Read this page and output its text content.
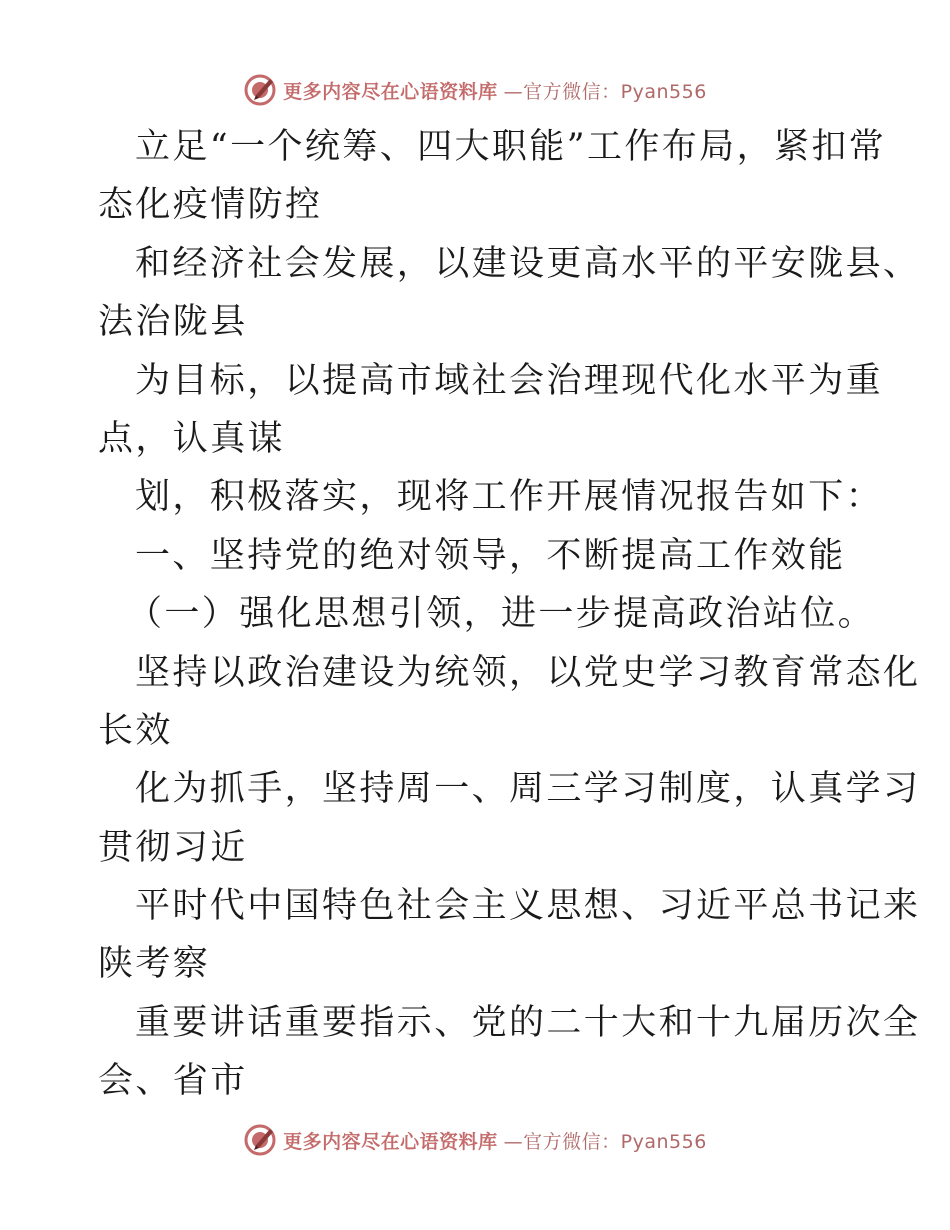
更多内容尽在心语资料库 —官方微信：Pyan556
立足“一个统筹、四大职能”工作布局，紧扣常
态化疫情防控
和经济社会发展，以建设更高水平的平安陇县、
法治陇县
为目标，以提高市域社会治理现代化水平为重
点，认真谋
划，积极落实，现将工作开展情况报告如下：
一、坚持党的绝对领导，不断提高工作效能
（一）强化思想引领，进一步提高政治站位。
坚持以政治建设为统领，以党史学习教育常态化
长效
化为抓手，坚持周一、周三学习制度，认真学习
贯彻习近
平时代中国特色社会主义思想、习近平总书记来
陕考察
重要讲话重要指示、党的二十大和十九届历次全
会、省市
更多内容尽在心语资料库 —官方微信：Pyan556
